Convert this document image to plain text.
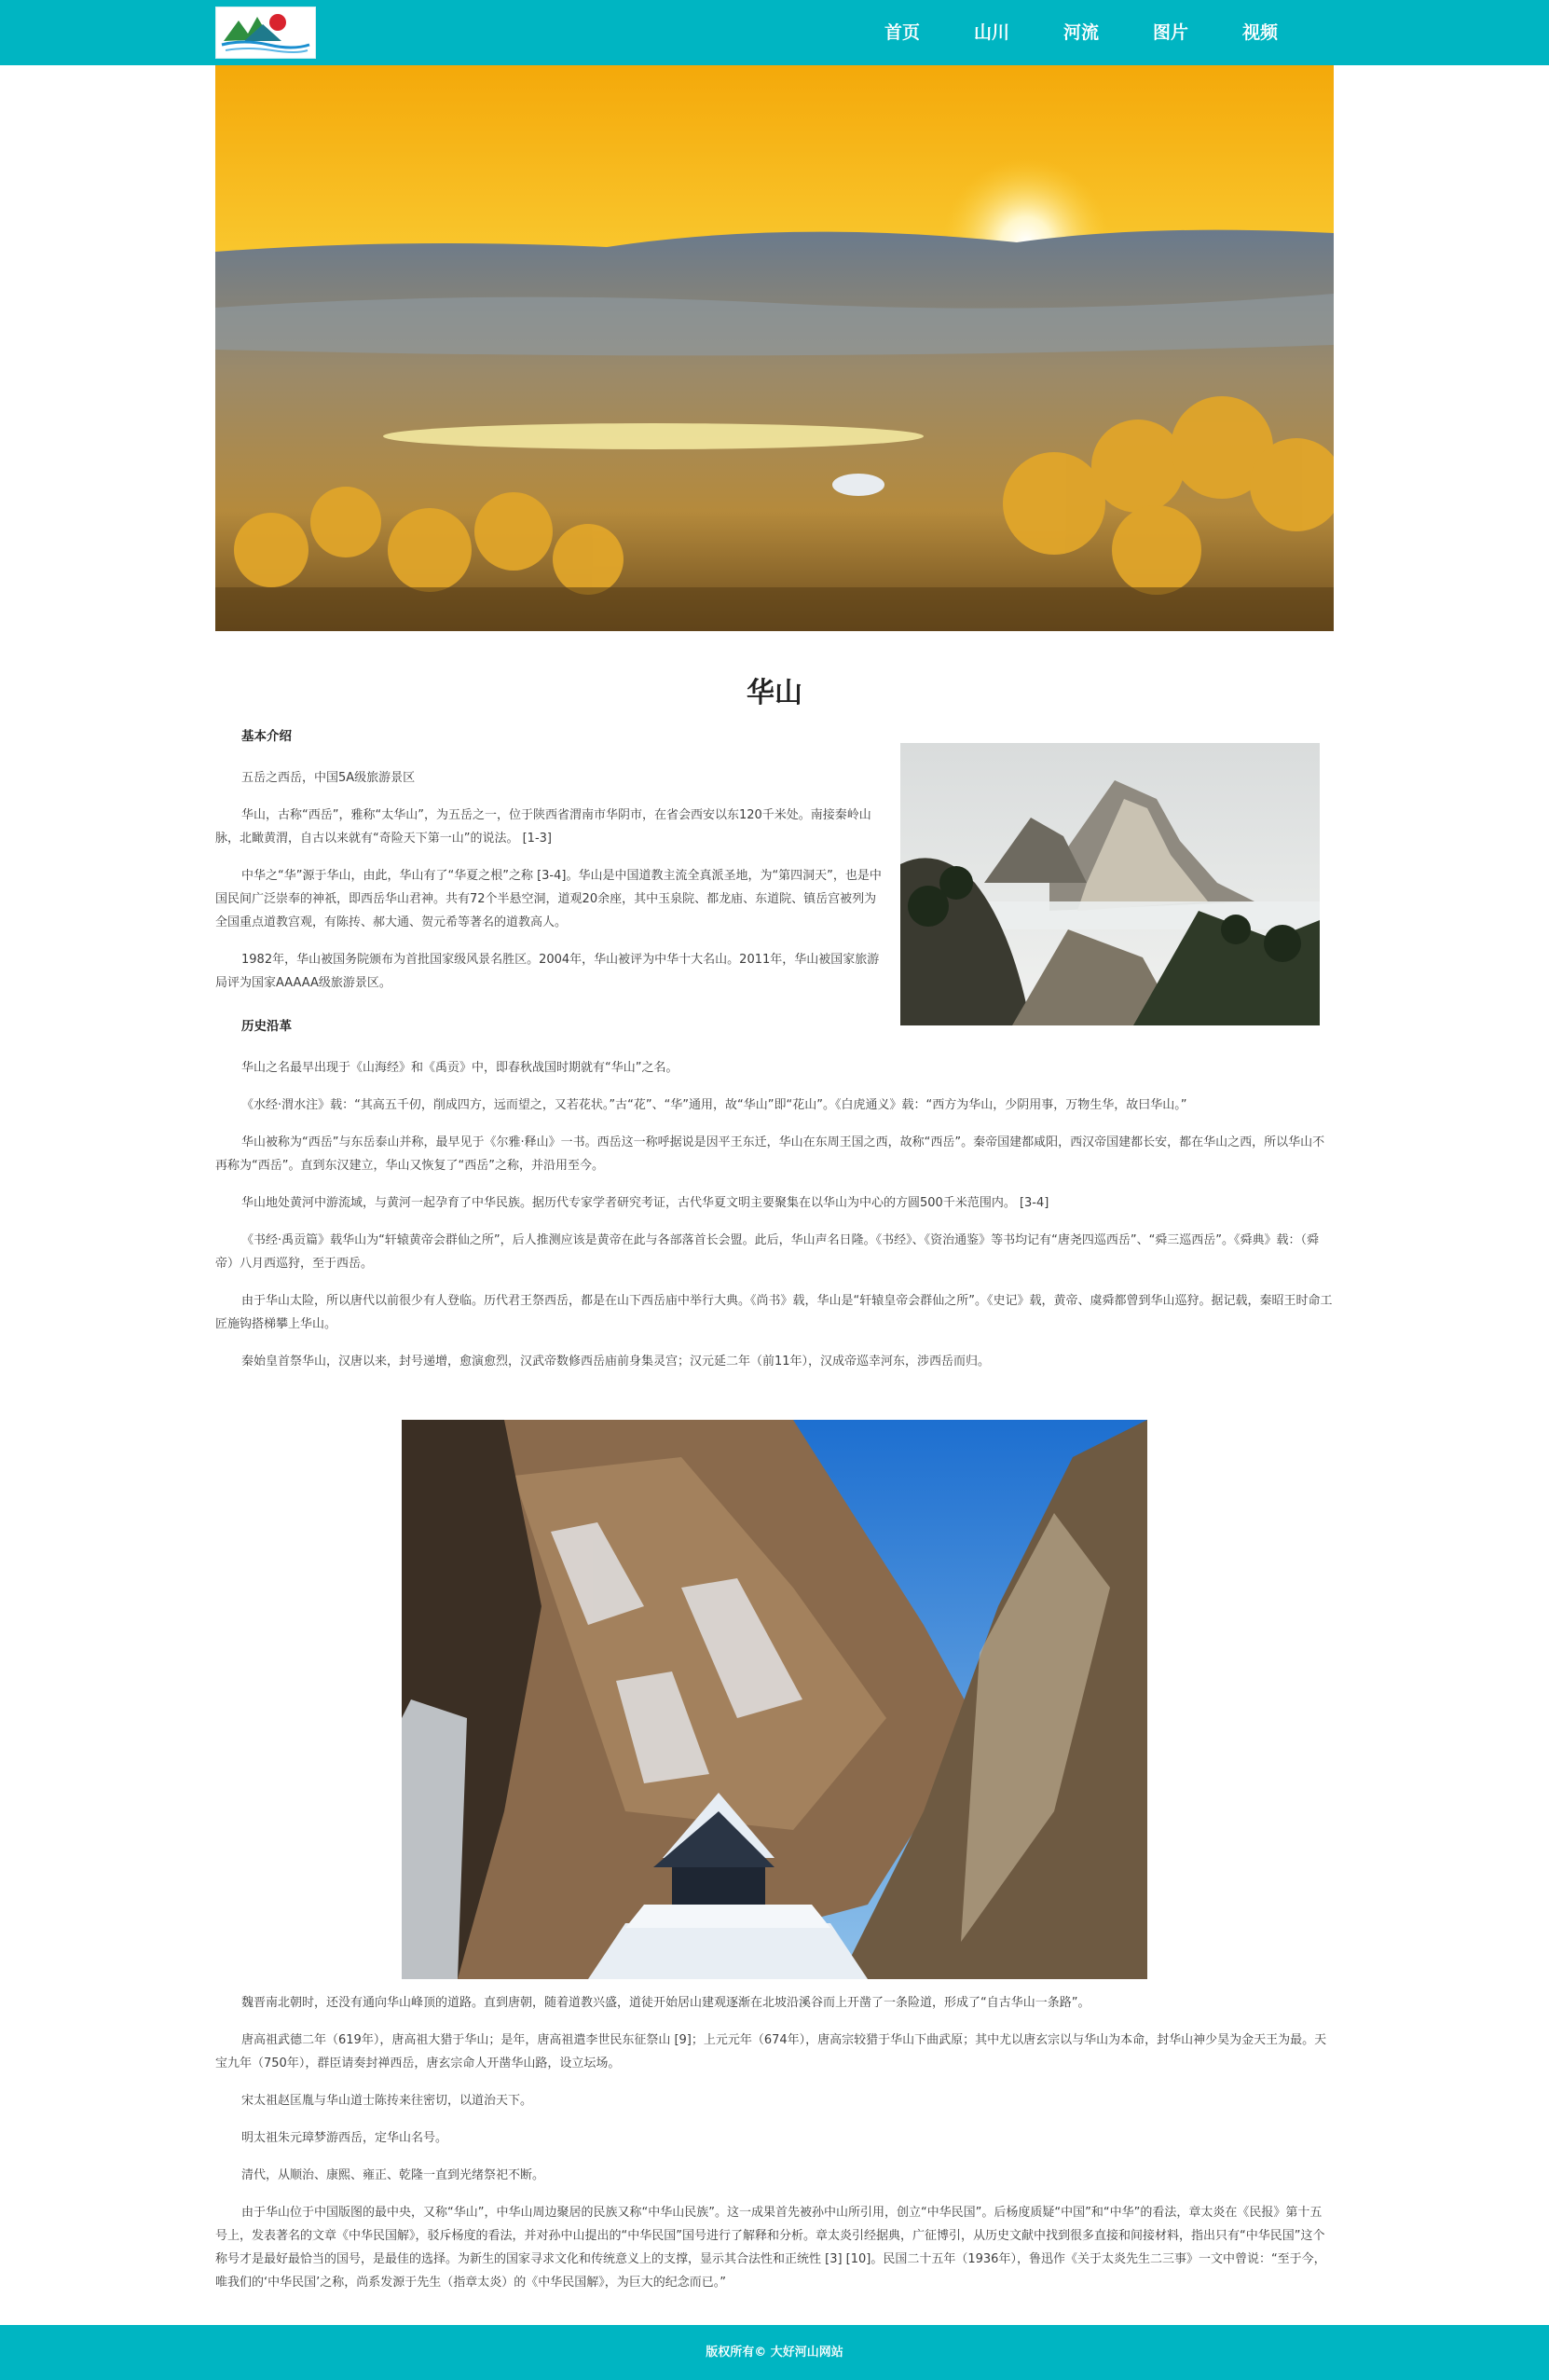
首页	山川	河流	图片	视频
华山
基本介绍

五岳之西岳，中国5A级旅游景区

华山，古称“西岳”，雅称“太华山”，为五岳之一，位于陕西省渭南市华阴市，在省会西安以东120千米处。南接秦岭山脉，北瞰黄渭，自古以来就有“奇险天下第一山”的说法。 [1-3]

中华之“华”源于华山，由此，华山有了“华夏之根”之称 [3-4]。华山是中国道教主流全真派圣地，为“第四洞天”，也是中国民间广泛崇奉的神祇，即西岳华山君神。共有72个半悬空洞，道观20余座，其中玉泉院、都龙庙、东道院、镇岳宫被列为全国重点道教宫观，有陈抟、郝大通、贺元希等著名的道教高人。

1982年，华山被国务院颁布为首批国家级风景名胜区。2004年，华山被评为中华十大名山。2011年，华山被国家旅游局评为国家AAAAA级旅游景区。

历史沿革

华山之名最早出现于《山海经》和《禹贡》中，即春秋战国时期就有“华山”之名。

《水经·渭水注》载：“其高五千仞，削成四方，远而望之，又若花状。”古“花”、“华”通用，故“华山”即“花山”。《白虎通义》载：“西方为华山，少阴用事，万物生华，故曰华山。”

华山被称为“西岳”与东岳泰山并称，最早见于《尔雅·释山》一书。西岳这一称呼据说是因平王东迁，华山在东周王国之西，故称“西岳”。秦帝国建都咸阳，西汉帝国建都长安，都在华山之西，所以华山不再称为“西岳”。直到东汉建立，华山又恢复了“西岳”之称，并沿用至今。

华山地处黄河中游流域，与黄河一起孕育了中华民族。据历代专家学者研究考证，古代华夏文明主要聚集在以华山为中心的方圆500千米范围内。 [3-4]

《书经·禹贡篇》载华山为“轩辕黄帝会群仙之所”，后人推测应该是黄帝在此与各部落首长会盟。此后，华山声名日隆。《书经》、《资治通鉴》等书均记有“唐尧四巡西岳”、“舜三巡西岳”。《舜典》载：（舜帝）八月西巡狩，至于西岳。

由于华山太险，所以唐代以前很少有人登临。历代君王祭西岳，都是在山下西岳庙中举行大典。《尚书》载，华山是“轩辕皇帝会群仙之所”。《史记》载，黄帝、虞舜都曾到华山巡狩。据记载，秦昭王时命工匠施钩搭梯攀上华山。

秦始皇首祭华山，汉唐以来，封号递增，愈演愈烈，汉武帝数修西岳庙前身集灵宫；汉元延二年（前11年），汉成帝巡幸河东，涉西岳而归。

魏晋南北朝时，还没有通向华山峰顶的道路。直到唐朝，随着道教兴盛，道徒开始居山建观逐渐在北坡沿溪谷而上开凿了一条险道，形成了“自古华山一条路”。

唐高祖武德二年（619年），唐高祖大猎于华山；是年，唐高祖遣李世民东征祭山 [9]；上元元年（674年），唐高宗较猎于华山下曲武原；其中尤以唐玄宗以与华山为本命，封华山神少昊为金天王为最。天宝九年（750年），群臣请奏封禅西岳，唐玄宗命人开凿华山路，设立坛场。

宋太祖赵匡胤与华山道士陈抟来往密切，以道治天下。

明太祖朱元璋梦游西岳，定华山名号。

清代，从顺治、康熙、雍正、乾隆一直到光绪祭祀不断。

由于华山位于中国版图的最中央，又称“华山”，中华山周边聚居的民族又称“中华山民族”。这一成果首先被孙中山所引用，创立“中华民国”。后杨度质疑“中国”和“中华”的看法，章太炎在《民报》第十五号上，发表著名的文章《中华民国解》，驳斥杨度的看法，并对孙中山提出的“中华民国”国号进行了解释和分析。章太炎引经据典，广征博引，从历史文献中找到很多直接和间接材料，指出只有“中华民国”这个称号才是最好最恰当的国号，是最佳的选择。为新生的国家寻求文化和传统意义上的支撑，显示其合法性和正统性 [3] [10]。民国二十五年（1936年），鲁迅作《关于太炎先生二三事》一文中曾说：“至于今，唯我们的‘中华民国’之称，尚系发源于先生（指章太炎）的《中华民国解》，为巨大的纪念而已。”

版权所有© 大好河山网站
